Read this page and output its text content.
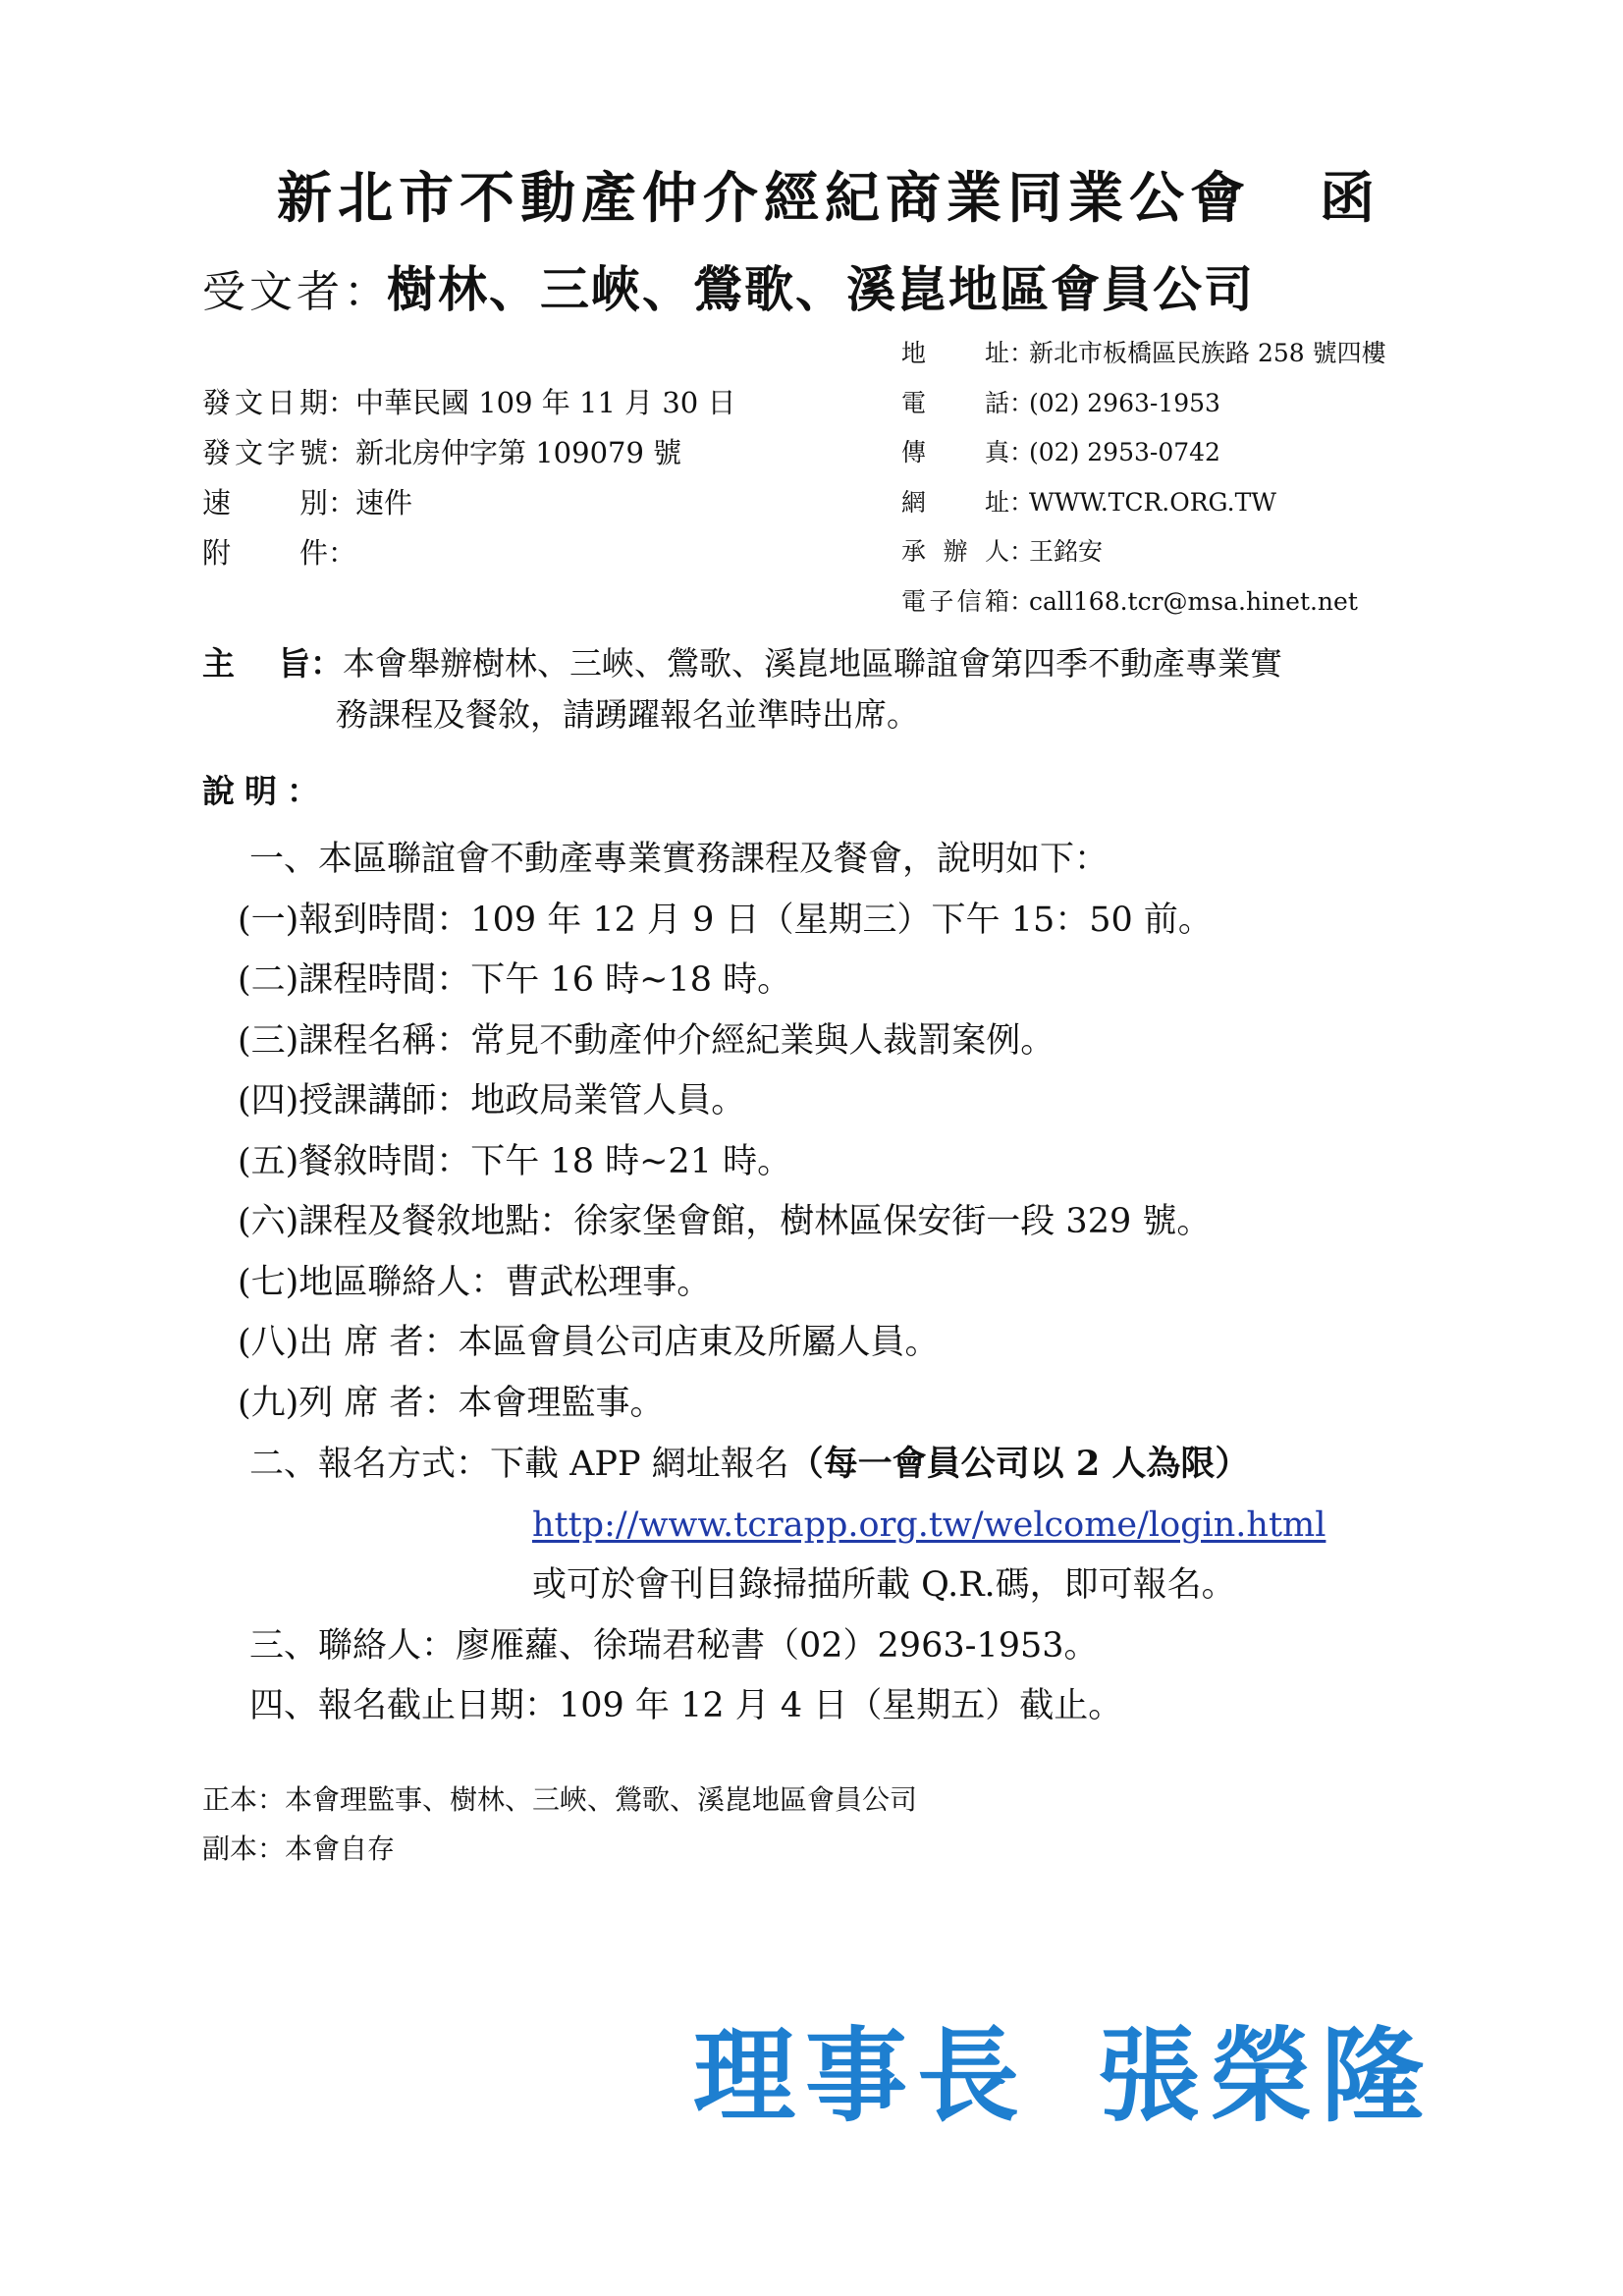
新北市不動產仲介經紀商業同業公會 函
受文者：樹林、三峽、鶯歌、溪崑地區會員公司
地址 ：
新北市板橋區民族路 258 號四樓
電話 ：
(02) 2963-1953
傳真 ：
(02) 2953-0742
網址 ：
WWW.TCR.ORG.TW
承辦人 ：
王銘安
電子信箱 ：
call168.tcr@msa.hinet.net
發文日期 ：
中華民國 109 年 11 月 30 日
發文字號 ：
新北房仲字第 109079 號
速別 ：
速件
附件 ：
主旨：本會舉辦樹林、三峽、鶯歌、溪崑地區聯誼會第四季不動產專業實
務課程及餐敘，請踴躍報名並準時出席。
說明：
一、本區聯誼會不動產專業實務課程及餐會，說明如下：
(一)報到時間：109 年 12 月 9 日（星期三）下午 15：50 前。
(二)課程時間：下午 16 時~18 時。
(三)課程名稱：常見不動產仲介經紀業與人裁罰案例。
(四)授課講師：地政局業管人員。
(五)餐敘時間：下午 18 時~21 時。
(六)課程及餐敘地點：徐家堡會館，樹林區保安街一段 329 號。
(七)地區聯絡人：曹武松理事。
(八)出 席 者：本區會員公司店東及所屬人員。
(九)列 席 者：本會理監事。
二、報名方式：下載 APP 網址報名（每一會員公司以 2 人為限）
http://www.tcrapp.org.tw/welcome/login.html
或可於會刊目錄掃描所載 Q.R.碼，即可報名。
三、聯絡人：廖雁蘿、徐瑞君秘書（02）2963-1953。
四、報名截止日期：109 年 12 月 4 日（星期五）截止。
正本：本會理監事、樹林、三峽、鶯歌、溪崑地區會員公司
副本：本會自存
理事長 張榮隆
